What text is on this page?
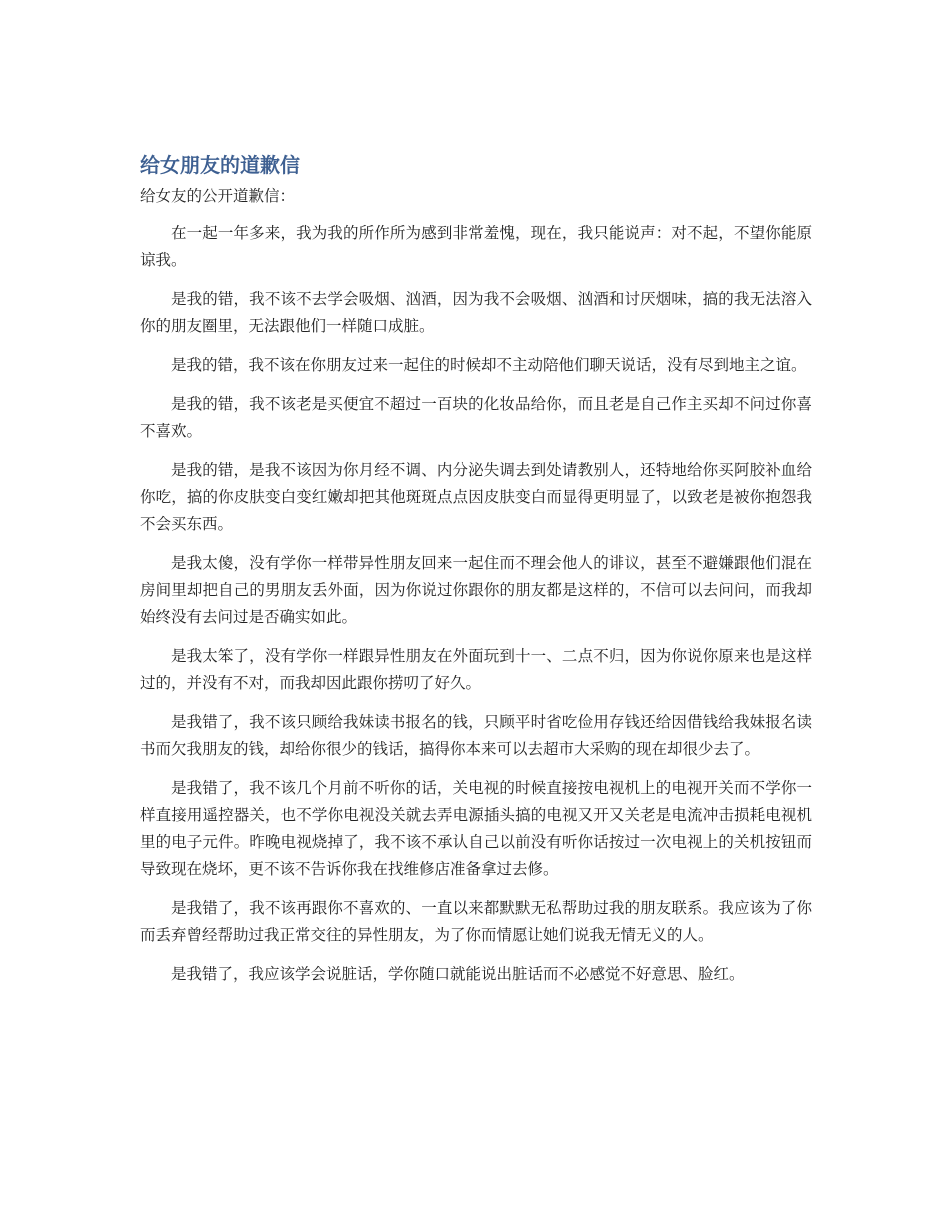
给女朋友的道歉信

给女友的公开道歉信：

在一起一年多来，我为我的所作所为感到非常羞愧，现在，我只能说声：对不起，不望你能原谅我。

是我的错，我不该不去学会吸烟、汹酒，因为我不会吸烟、汹酒和讨厌烟味，搞的我无法溶入你的朋友圈里，无法跟他们一样随口成脏。

是我的错，我不该在你朋友过来一起住的时候却不主动陪他们聊天说话，没有尽到地主之谊。

是我的错，我不该老是买便宜不超过一百块的化妆品给你，而且老是自己作主买却不问过你喜不喜欢。

是我的错，是我不该因为你月经不调、内分泌失调去到处请教别人，还特地给你买阿胶补血给你吃，搞的你皮肤变白变红嫩却把其他斑斑点点因皮肤变白而显得更明显了，以致老是被你抱怨我不会买东西。

是我太傻，没有学你一样带异性朋友回来一起住而不理会他人的诽议，甚至不避嫌跟他们混在房间里却把自己的男朋友丢外面，因为你说过你跟你的朋友都是这样的，不信可以去问问，而我却始终没有去问过是否确实如此。

是我太笨了，没有学你一样跟异性朋友在外面玩到十一、二点不归，因为你说你原来也是这样过的，并没有不对，而我却因此跟你捞叨了好久。

是我错了，我不该只顾给我妹读书报名的钱，只顾平时省吃俭用存钱还给因借钱给我妹报名读书而欠我朋友的钱，却给你很少的钱话，搞得你本来可以去超市大采购的现在却很少去了。

是我错了，我不该几个月前不听你的话，关电视的时候直接按电视机上的电视开关而不学你一样直接用遥控器关，也不学你电视没关就去弄电源插头搞的电视又开又关老是电流冲击损耗电视机里的电子元件。昨晚电视烧掉了，我不该不承认自己以前没有听你话按过一次电视上的关机按钮而导致现在烧坏，更不该不告诉你我在找维修店准备拿过去修。

是我错了，我不该再跟你不喜欢的、一直以来都默默无私帮助过我的朋友联系。我应该为了你而丢弃曾经帮助过我正常交往的异性朋友，为了你而情愿让她们说我无情无义的人。

是我错了，我应该学会说脏话，学你随口就能说出脏话而不必感觉不好意思、脸红。
